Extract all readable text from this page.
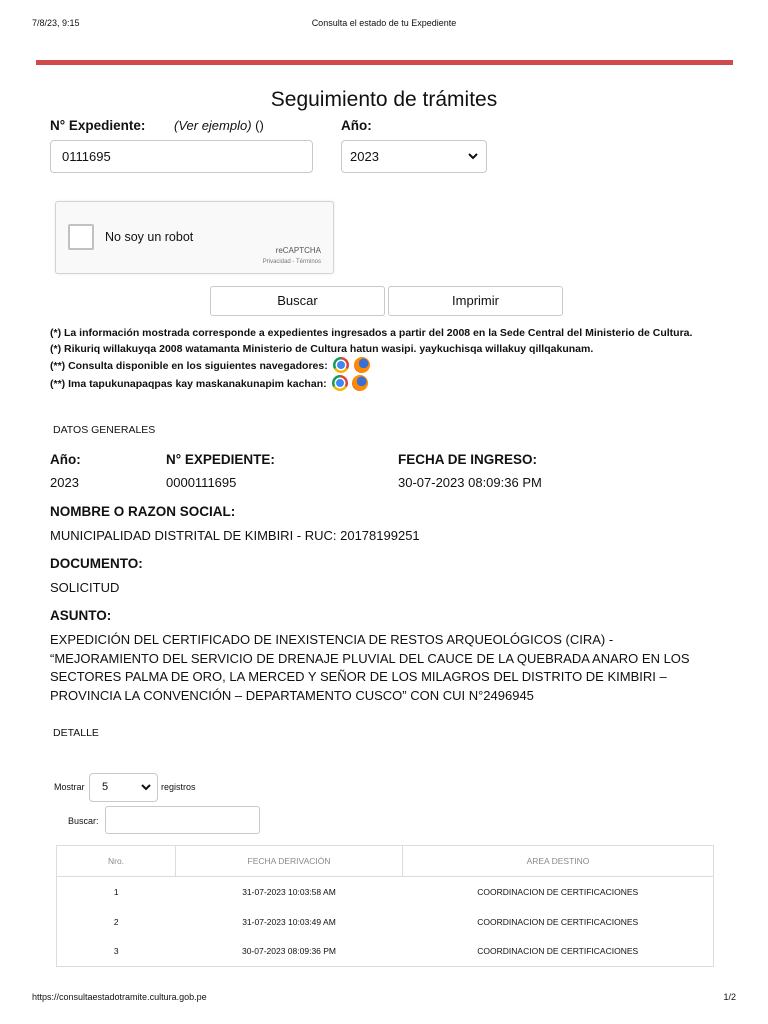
7/8/23, 9:15	Consulta el estado de tu Expediente
Seguimiento de trámites
N° Expediente: (Ver ejemplo) ()	Año:
0111695	2023
No soy un robot
reCAPTCHA
Privacidad - Términos
Buscar	Imprimir
(*) La información mostrada corresponde a expedientes ingresados a partir del 2008 en la Sede Central del Ministerio de Cultura.
(*) Rikuriq willakuyqa 2008 watamanta Ministerio de Cultura hatun wasipi. yaykuchisqa willakuy qillqakunam.
(**) Consulta disponible en los siguientes navegadores:
(**) Ima tapukunapaqpas kay maskanakunapim kachan:
DATOS GENERALES
Año:	N° EXPEDIENTE:	FECHA DE INGRESO:
2023	0000111695	30-07-2023 08:09:36 PM
NOMBRE O RAZON SOCIAL:
MUNICIPALIDAD DISTRITAL DE KIMBIRI - RUC: 20178199251
DOCUMENTO:
SOLICITUD
ASUNTO:
EXPEDICIÓN DEL CERTIFICADO DE INEXISTENCIA DE RESTOS ARQUEOLÓGICOS (CIRA) - “MEJORAMIENTO DEL SERVICIO DE DRENAJE PLUVIAL DEL CAUCE DE LA QUEBRADA ANARO EN LOS SECTORES PALMA DE ORO, LA MERCED Y SEÑOR DE LOS MILAGROS DEL DISTRITO DE KIMBIRI – PROVINCIA LA CONVENCIÓN – DEPARTAMENTO CUSCO” CON CUI N°2496945
DETALLE
Mostrar	5	registros
Buscar:
Nro.	FECHA DERIVACIÓN	AREA DESTINO
1	31-07-2023 10:03:58 AM	COORDINACION DE CERTIFICACIONES
2	31-07-2023 10:03:49 AM	COORDINACION DE CERTIFICACIONES
3	30-07-2023 08:09:36 PM	COORDINACION DE CERTIFICACIONES
https://consultaestadotramite.cultura.gob.pe	1/2
